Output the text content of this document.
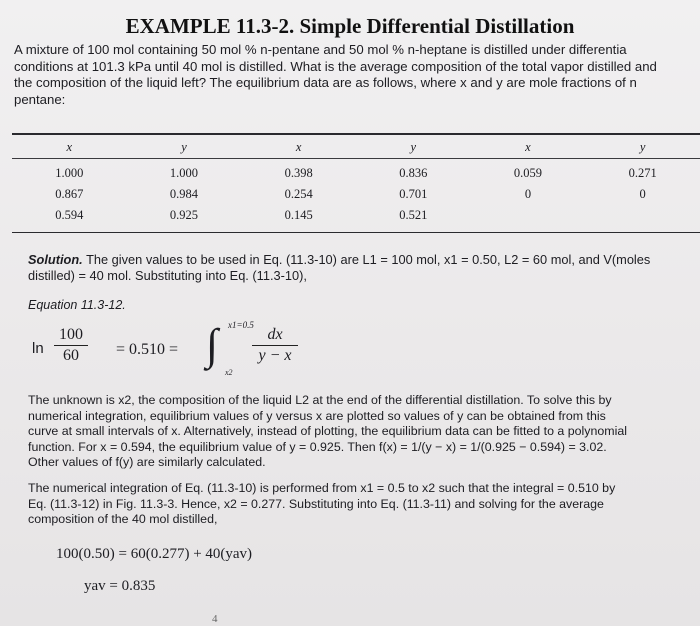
EXAMPLE 11.3-2. Simple Differential Distillation
A mixture of 100 mol containing 50 mol % n-pentane and 50 mol % n-heptane is distilled under differentia
conditions at 101.3 kPa until 40 mol is distilled. What is the average composition of the total vapor distilled and
the composition of the liquid left? The equilibrium data are as follows, where x and y are mole fractions of n
pentane:
x	y	x	y	x	y
1.000	1.000	0.398	0.836	0.059	0.271
0.867	0.984	0.254	0.701	0	0
0.594	0.925	0.145	0.521		
Solution. The given values to be used in Eq. (11.3-10) are L1 = 100 mol, x1 = 0.50, L2 = 60 mol, and V(moles
distilled) = 40 mol. Substituting into Eq. (11.3-10),
Equation 11.3-12.
ln
100
60	= 0.510 = ∫ x1=0.5
x2
dx
y − x
The unknown is x2, the composition of the liquid L2 at the end of the differential distillation. To solve this by
numerical integration, equilibrium values of y versus x are plotted so values of y can be obtained from this
curve at small intervals of x. Alternatively, instead of plotting, the equilibrium data can be fitted to a polynomial
function. For x = 0.594, the equilibrium value of y = 0.925. Then f(x) = 1/(y − x) = 1/(0.925 − 0.594) = 3.02.
Other values of f(y) are similarly calculated.
The numerical integration of Eq. (11.3-10) is performed from x1 = 0.5 to x2 such that the integral = 0.510 by
Eq. (11.3-12) in Fig. 11.3-3. Hence, x2 = 0.277. Substituting into Eq. (11.3-11) and solving for the average
composition of the 40 mol distilled,
100(0.50) = 60(0.277) + 40(yav)
yav = 0.835
4
